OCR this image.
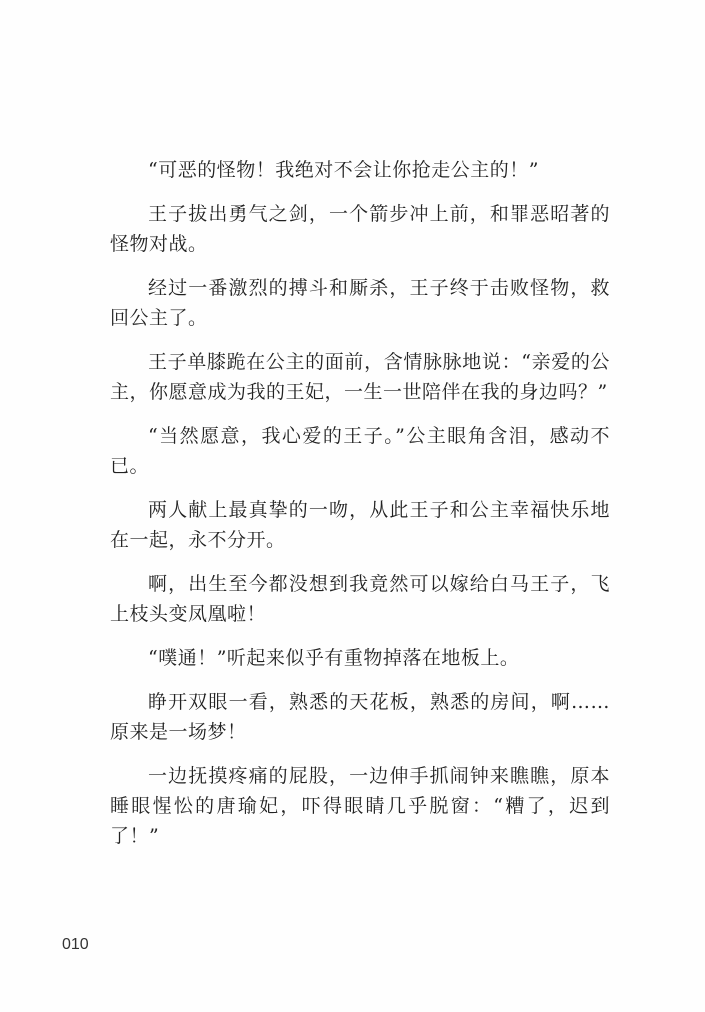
“可恶的怪物！我绝对不会让你抢走公主的！”

王子拔出勇气之剑，一个箭步冲上前，和罪恶昭著的怪物对战。

经过一番激烈的搏斗和厮杀，王子终于击败怪物，救回公主了。

王子单膝跪在公主的面前，含情脉脉地说：“亲爱的公主，你愿意成为我的王妃，一生一世陪伴在我的身边吗？”

“当然愿意，我心爱的王子。”公主眼角含泪，感动不已。

两人献上最真挚的一吻，从此王子和公主幸福快乐地在一起，永不分开。

啊，出生至今都没想到我竟然可以嫁给白马王子，飞上枝头变凤凰啦！

“噗通！”听起来似乎有重物掉落在地板上。

睁开双眼一看，熟悉的天花板，熟悉的房间，啊……原来是一场梦！

一边抚摸疼痛的屁股，一边伸手抓闹钟来瞧瞧，原本睡眼惺忪的唐瑜妃，吓得眼睛几乎脱窗：“糟了，迟到了！”

010
